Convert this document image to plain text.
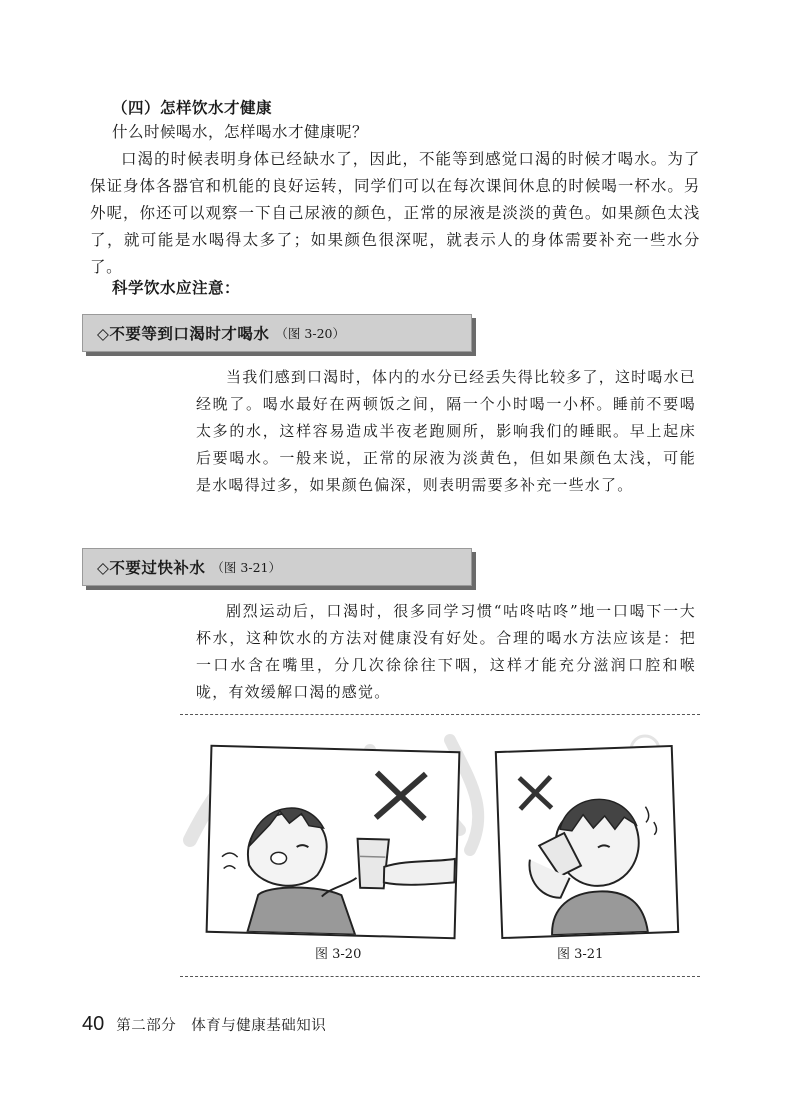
（四）怎样饮水才健康
什么时候喝水，怎样喝水才健康呢？

口渴的时候表明身体已经缺水了，因此，不能等到感觉口渴的时候才喝水。为了保证身体各器官和机能的良好运转，同学们可以在每次课间休息的时候喝一杯水。另外呢，你还可以观察一下自己尿液的颜色，正常的尿液是淡淡的黄色。如果颜色太浅了，就可能是水喝得太多了；如果颜色很深呢，就表示人的身体需要补充一些水分了。

科学饮水应注意：
◇不要等到口渴时才喝水 （图 3-20）

当我们感到口渴时，体内的水分已经丢失得比较多了，这时喝水已经晚了。喝水最好在两顿饭之间，隔一个小时喝一小杯。睡前不要喝太多的水，这样容易造成半夜老跑厕所，影响我们的睡眠。早上起床后要喝水。一般来说，正常的尿液为淡黄色，但如果颜色太浅，可能是水喝得过多，如果颜色偏深，则表明需要多补充一些水了。

◇不要过快补水 （图 3-21）

剧烈运动后，口渴时，很多同学习惯“咕咚咕咚”地一口喝下一大杯水，这种饮水的方法对健康没有好处。合理的喝水方法应该是：把一口水含在嘴里，分几次徐徐往下咽，这样才能充分滋润口腔和喉咙，有效缓解口渴的感觉。

图 3-20	图 3-21
40 第二部分　体育与健康基础知识
